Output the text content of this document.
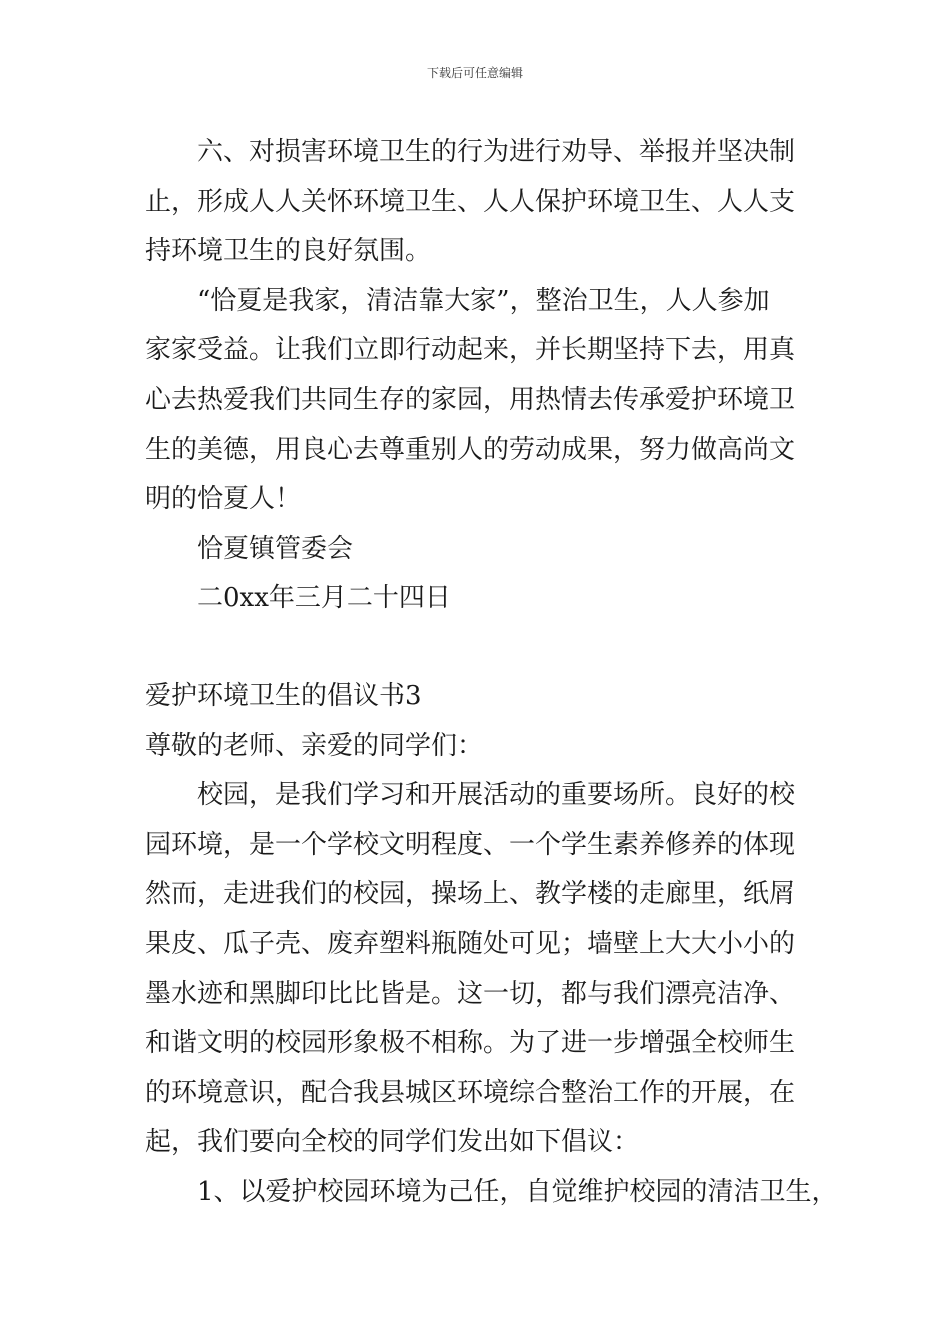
下载后可任意编辑
六、对损害环境卫生的行为进行劝导、举报并坚决制
止，形成人人关怀环境卫生、人人保护环境卫生、人人支
持环境卫生的良好氛围。
“恰夏是我家，清洁靠大家”，整治卫生，人人参加
家家受益。让我们立即行动起来，并长期坚持下去，用真
心去热爱我们共同生存的家园，用热情去传承爱护环境卫
生的美德，用良心去尊重别人的劳动成果，努力做高尚文
明的恰夏人！
恰夏镇管委会
二0xx年三月二十四日
爱护环境卫生的倡议书3
尊敬的老师、亲爱的同学们：
校园，是我们学习和开展活动的重要场所。良好的校
园环境，是一个学校文明程度、一个学生素养修养的体现
然而，走进我们的校园，操场上、教学楼的走廊里，纸屑
果皮、瓜子壳、废弃塑料瓶随处可见；墙壁上大大小小的
墨水迹和黑脚印比比皆是。这一切，都与我们漂亮洁净、
和谐文明的校园形象极不相称。为了进一步增强全校师生
的环境意识，配合我县城区环境综合整治工作的开展，在
起，我们要向全校的同学们发出如下倡议：
1、以爱护校园环境为己任，自觉维护校园的清洁卫生，
